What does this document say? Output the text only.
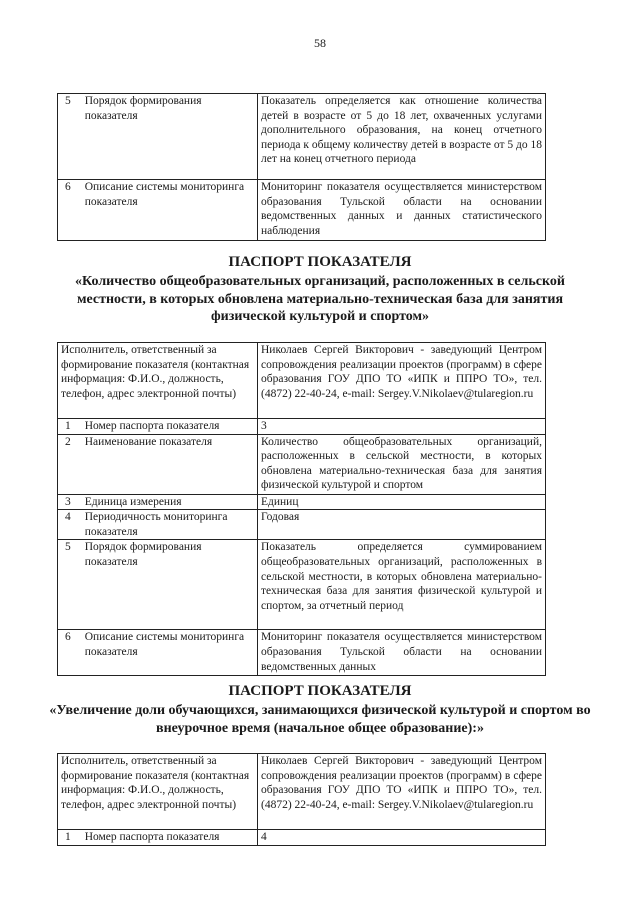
58
5 Порядок формирования показателя	Показатель определяется как отношение количества детей в возрасте от 5 до 18 лет, охваченных услугами дополнительного образования, на конец отчетного периода к общему количеству детей в возрасте от 5 до 18 лет на конец отчетного периода

6 Описание системы мониторинга показателя	Мониторинг показателя осуществляется министерством образования Тульской области на основании ведомственных данных и данных статистического наблюдения
ПАСПОРТ ПОКАЗАТЕЛЯ

«Количество общеобразовательных организаций, расположенных в сельской местности, в которых обновлена материально-техническая база для занятия физической культурой и спортом»

Исполнитель, ответственный за формирование показателя (контактная информация: Ф.И.О., должность, телефон, адрес электронной почты)	Николаев Сергей Викторович - заведующий Центром сопровождения реализации проектов (программ) в сфере образования ГОУ ДПО ТО «ИПК и ППРО ТО», тел. (4872) 22-40-24, e-mail: Sergey.V.Nikolaev@tularegion.ru

1 Номер паспорта показателя	3

2 Наименование показателя	Количество общеобразовательных организаций, расположенных в сельской местности, в которых обновлена материально-техническая база для занятия физической культурой и спортом

3 Единица измерения	Единиц

4 Периодичность мониторинга показателя	Годовая

5 Порядок формирования показателя	Показатель определяется суммированием общеобразовательных организаций, расположенных в сельской местности, в которых обновлена материально-техническая база для занятия физической культурой и спортом, за отчетный период

6 Описание системы мониторинга показателя	Мониторинг показателя осуществляется министерством образования Тульской области на основании ведомственных данных
ПАСПОРТ ПОКАЗАТЕЛЯ

«Увеличение доли обучающихся, занимающихся физической культурой и спортом во внеурочное время (начальное общее образование):»

Исполнитель, ответственный за формирование показателя (контактная информация: Ф.И.О., должность, телефон, адрес электронной почты)	Николаев Сергей Викторович - заведующий Центром сопровождения реализации проектов (программ) в сфере образования ГОУ ДПО ТО «ИПК и ППРО ТО», тел. (4872) 22-40-24, e-mail: Sergey.V.Nikolaev@tularegion.ru

1 Номер паспорта показателя	4
